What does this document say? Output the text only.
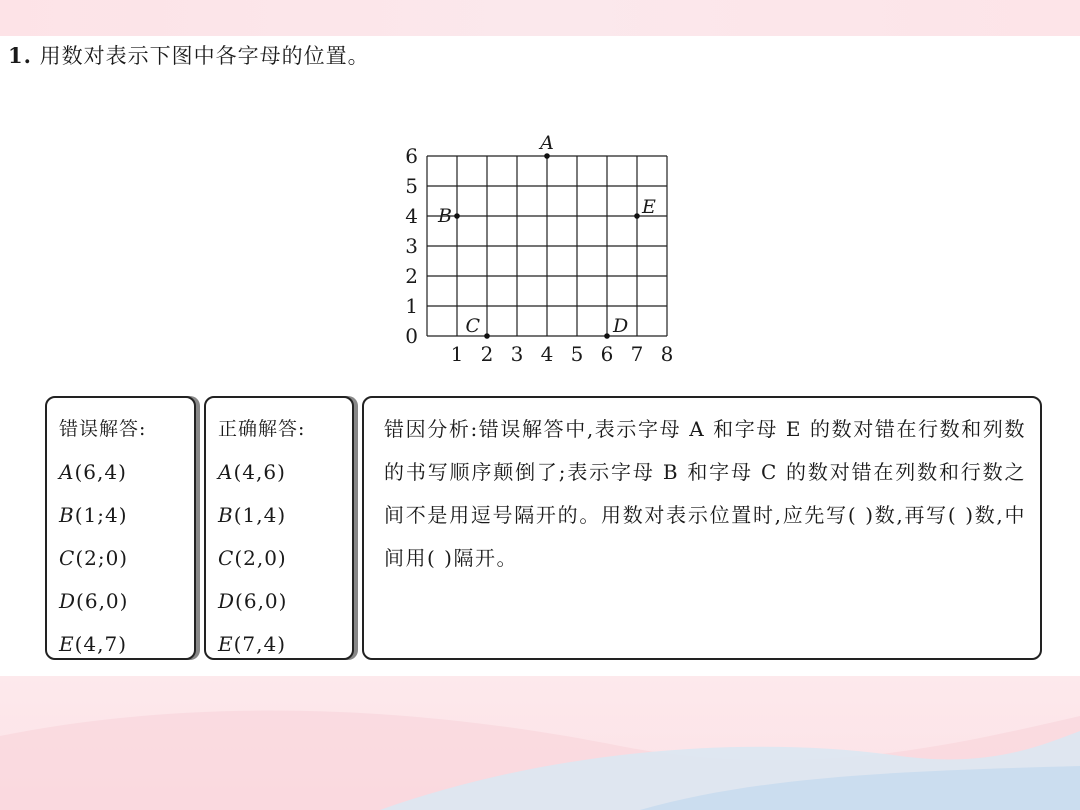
1. 用数对表示下图中各字母的位置。
0
1
2
3
4
5
6
1 2 3 4 5 6 7 8
A
B
C	D
E
错误解答:
A(6,4)
B(1;4)
C(2;0)
D(6,0)
E(4,7)
正确解答:
A(4,6)
B(1,4)
C(2,0)
D(6,0)
E(7,4)

错因分析:错误解答中,表示字母 A 和字母 E 的数对错在行数和列数的书写顺序颠倒了;表示字母 B 和字母 C 的数对错在列数和行数之间不是用逗号隔开的。用数对表示位置时,应先写( )数,再写( )数,中间用( )隔开。
